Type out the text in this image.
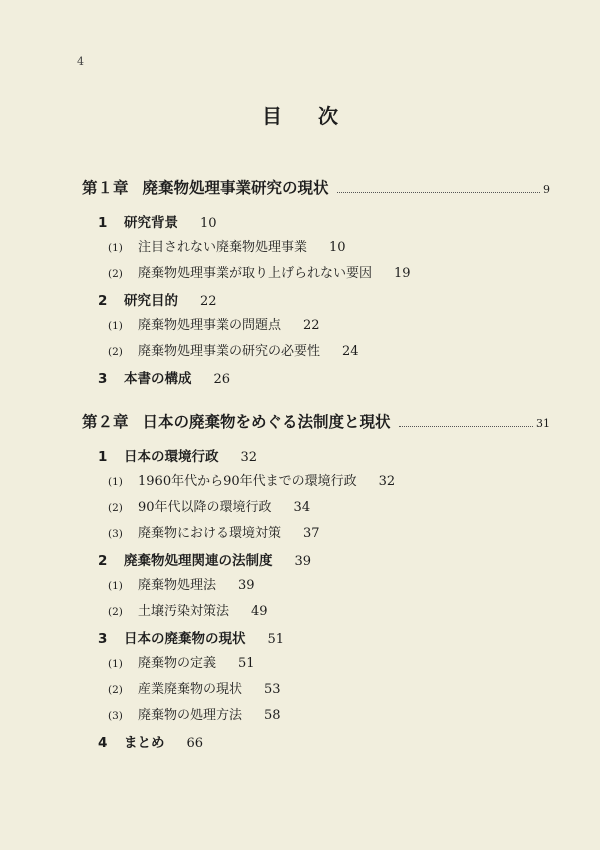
4
目次
第１章 廃棄物処理事業研究の現状	9
1	研究背景 10
(1)	注目されない廃棄物処理事業 10
(2)	廃棄物処理事業が取り上げられない要因 19
2	研究目的 22
(1)	廃棄物処理事業の問題点 22
(2)	廃棄物処理事業の研究の必要性 24
3	本書の構成 26
第２章 日本の廃棄物をめぐる法制度と現状	31
1	日本の環境行政 32
(1)	1960年代から90年代までの環境行政 32
(2)	90年代以降の環境行政 34
(3)	廃棄物における環境対策 37
2	廃棄物処理関連の法制度 39
(1)	廃棄物処理法 39
(2)	土壌汚染対策法 49
3	日本の廃棄物の現状 51
(1)	廃棄物の定義 51
(2)	産業廃棄物の現状 53
(3)	廃棄物の処理方法 58
4	まとめ 66
